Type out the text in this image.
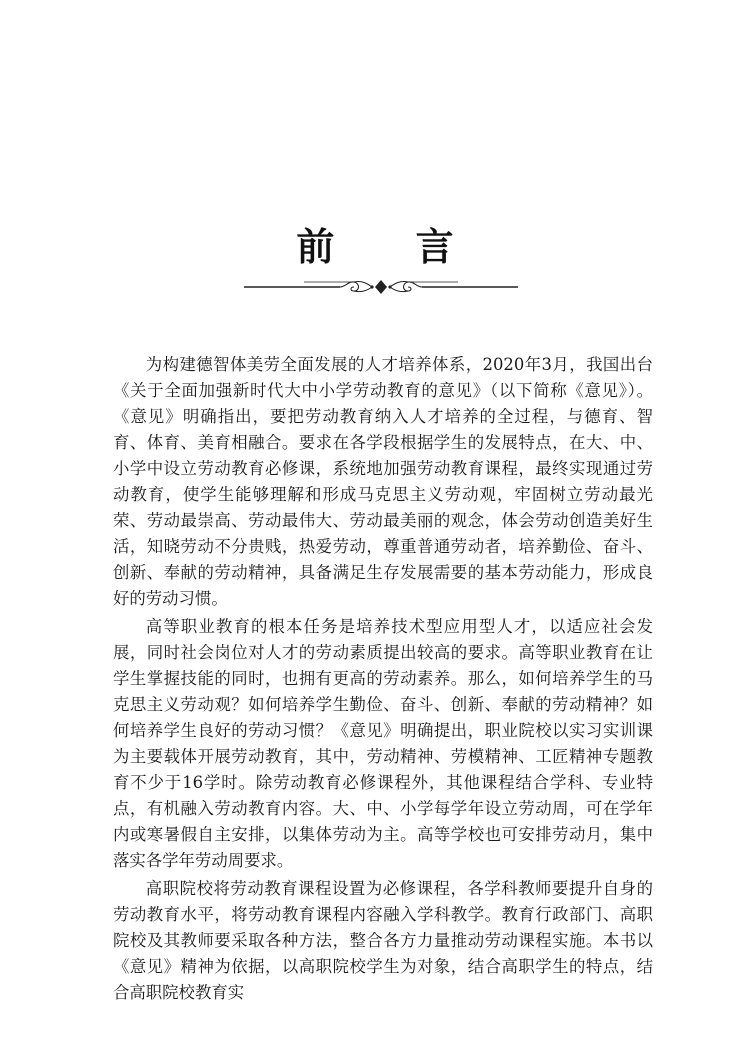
前 言

为构建德智体美劳全面发展的人才培养体系，2020年3月，我国出台《关于全面加强新时代大中小学劳动教育的意见》（以下简称《意见》）。《意见》明确指出，要把劳动教育纳入人才培养的全过程，与德育、智育、体育、美育相融合。要求在各学段根据学生的发展特点，在大、中、小学中设立劳动教育必修课，系统地加强劳动教育课程，最终实现通过劳动教育，使学生能够理解和形成马克思主义劳动观，牢固树立劳动最光荣、劳动最崇高、劳动最伟大、劳动最美丽的观念，体会劳动创造美好生活，知晓劳动不分贵贱，热爱劳动，尊重普通劳动者，培养勤俭、奋斗、创新、奉献的劳动精神，具备满足生存发展需要的基本劳动能力，形成良好的劳动习惯。

高等职业教育的根本任务是培养技术型应用型人才，以适应社会发展，同时社会岗位对人才的劳动素质提出较高的要求。高等职业教育在让学生掌握技能的同时，也拥有更高的劳动素养。那么，如何培养学生的马克思主义劳动观？如何培养学生勤俭、奋斗、创新、奉献的劳动精神？如何培养学生良好的劳动习惯？《意见》明确提出，职业院校以实习实训课为主要载体开展劳动教育，其中，劳动精神、劳模精神、工匠精神专题教育不少于16学时。除劳动教育必修课程外，其他课程结合学科、专业特点，有机融入劳动教育内容。大、中、小学每学年设立劳动周，可在学年内或寒暑假自主安排，以集体劳动为主。高等学校也可安排劳动月，集中落实各学年劳动周要求。

高职院校将劳动教育课程设置为必修课程，各学科教师要提升自身的劳动教育水平，将劳动教育课程内容融入学科教学。教育行政部门、高职院校及其教师要采取各种方法，整合各方力量推动劳动课程实施。本书以《意见》精神为依据，以高职院校学生为对象，结合高职学生的特点，结合高职院校教育实
